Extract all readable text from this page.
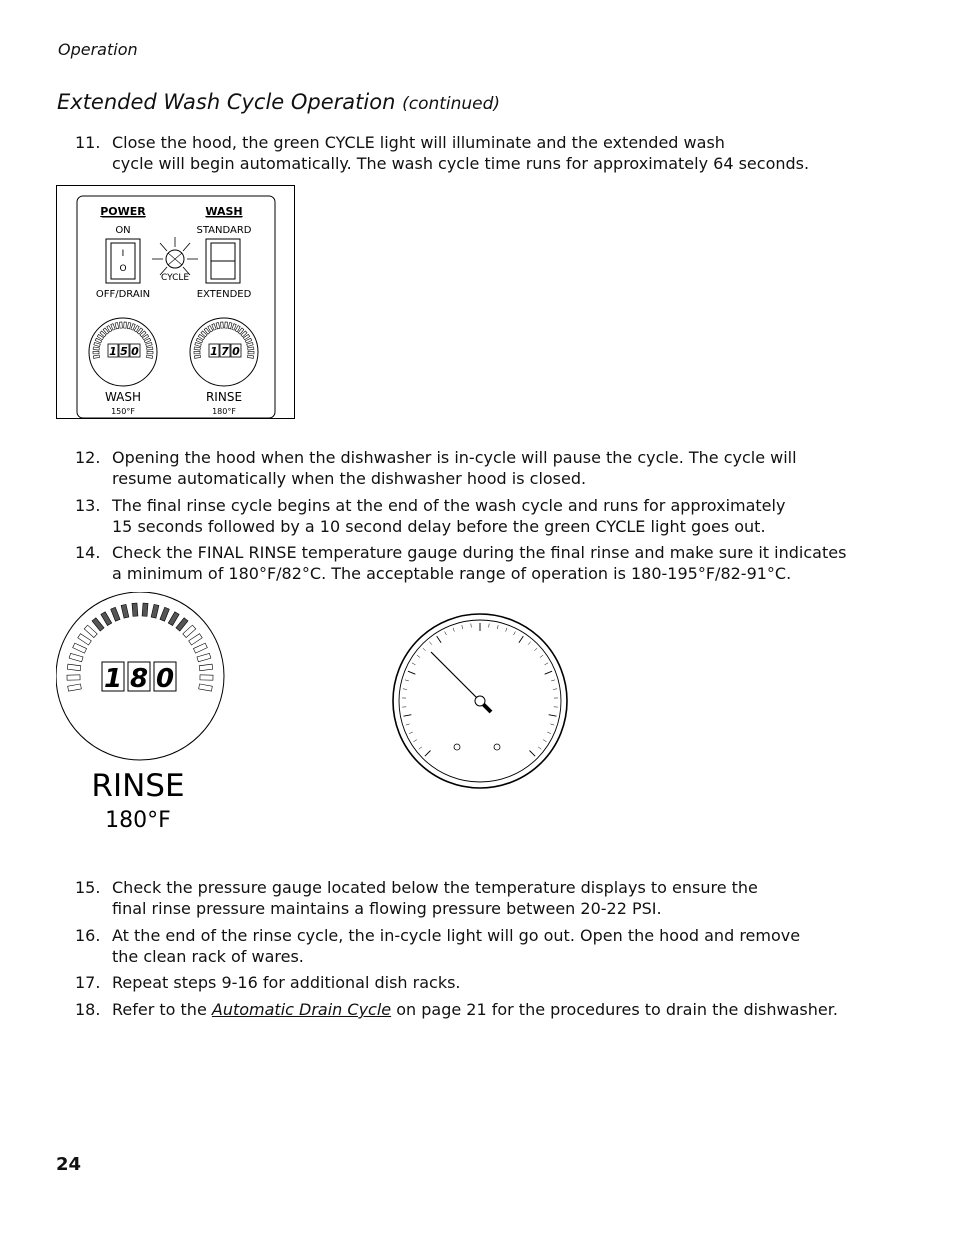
Operation
Extended Wash Cycle Operation (continued)
11. Close the hood, the green CYCLE light will illuminate and the extended wash
cycle will begin automatically. The wash cycle time runs for approximately 64 seconds.
POWER	WASH
ON	STANDARD
I
O
CYCLE
OFF/DRAIN	EXTENDED
1 5 0
WASH
150°F
1 7 0
RINSE
180°F
12. Opening the hood when the dishwasher is in-cycle will pause the cycle. The cycle will
resume automatically when the dishwasher hood is closed.
13. The final rinse cycle begins at the end of the wash cycle and runs for approximately
15 seconds followed by a 10 second delay before the green CYCLE light goes out.
14. Check the FINAL RINSE temperature gauge during the final rinse and make sure it indicates
a minimum of 180°F/82°C. The acceptable range of operation is 180-195°F/82-91°C.
1 8 0
RINSE
180°F
15. Check the pressure gauge located below the temperature displays to ensure the
final rinse pressure maintains a flowing pressure between 20-22 PSI.
16. At the end of the rinse cycle, the in-cycle light will go out. Open the hood and remove
the clean rack of wares.
17. Repeat steps 9-16 for additional dish racks.
18. Refer to the Automatic Drain Cycle on page 21 for the procedures to drain the dishwasher.
24
